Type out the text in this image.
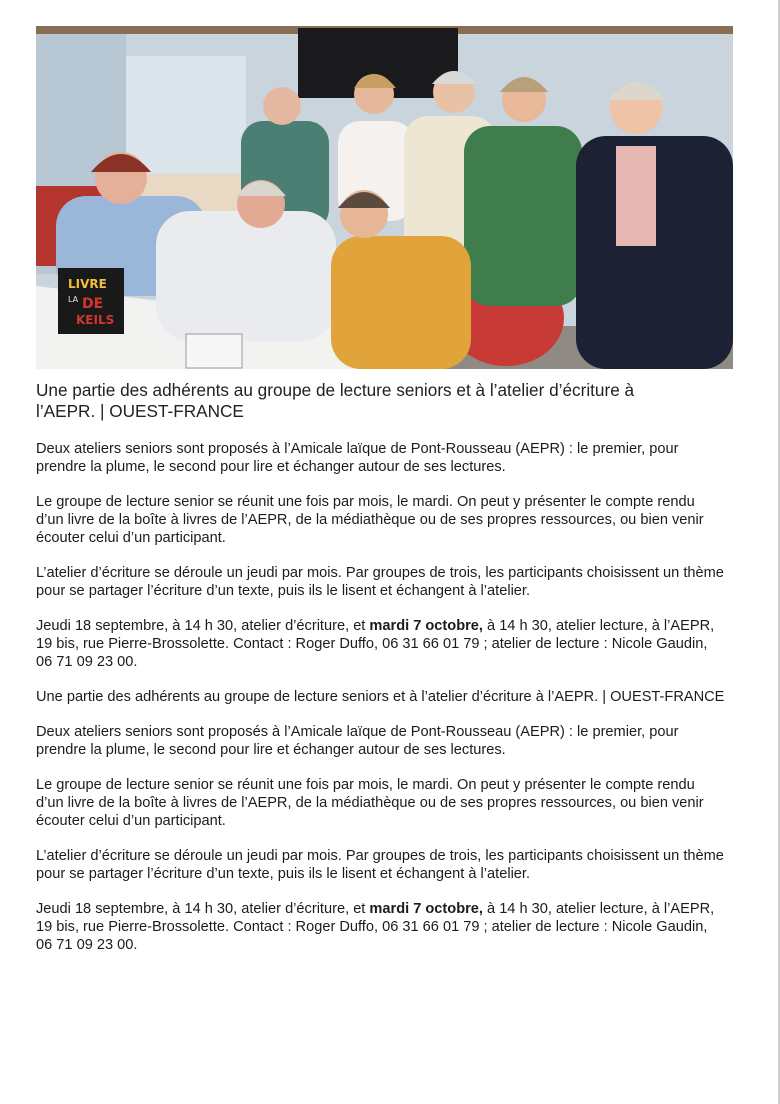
LIVRE
LA DE
KEILS

Une partie des adhérents au groupe de lecture seniors et à l’atelier d’écriture à l’AEPR. | OUEST-FRANCE

Deux ateliers seniors sont proposés à l’Amicale laïque de Pont-Rousseau (AEPR) : le premier, pour prendre la plume, le second pour lire et échanger autour de ses lectures.

Le groupe de lecture senior se réunit une fois par mois, le mardi. On peut y présenter le compte rendu d’un livre de la boîte à livres de l’AEPR, de la médiathèque ou de ses propres ressources, ou bien venir écouter celui d’un participant.

L’atelier d’écriture se déroule un jeudi par mois. Par groupes de trois, les participants choisissent un thème pour se partager l’écriture d’un texte, puis ils le lisent et échangent à l’atelier.

Jeudi 18 septembre, à 14 h 30, atelier d’écriture, et mardi 7 octobre, à 14 h 30, atelier lecture, à l’AEPR, 19 bis, rue Pierre-Brossolette. Contact : Roger Duffo, 06 31 66 01 79 ; atelier de lecture : Nicole Gaudin, 06 71 09 23 00.

Une partie des adhérents au groupe de lecture seniors et à l’atelier d’écriture à l’AEPR. | OUEST-FRANCE

Deux ateliers seniors sont proposés à l’Amicale laïque de Pont-Rousseau (AEPR) : le premier, pour prendre la plume, le second pour lire et échanger autour de ses lectures.

Le groupe de lecture senior se réunit une fois par mois, le mardi. On peut y présenter le compte rendu d’un livre de la boîte à livres de l’AEPR, de la médiathèque ou de ses propres ressources, ou bien venir écouter celui d’un participant.

L’atelier d’écriture se déroule un jeudi par mois. Par groupes de trois, les participants choisissent un thème pour se partager l’écriture d’un texte, puis ils le lisent et échangent à l’atelier.

Jeudi 18 septembre, à 14 h 30, atelier d’écriture, et mardi 7 octobre, à 14 h 30, atelier lecture, à l’AEPR, 19 bis, rue Pierre-Brossolette. Contact : Roger Duffo, 06 31 66 01 79 ; atelier de lecture : Nicole Gaudin, 06 71 09 23 00.
